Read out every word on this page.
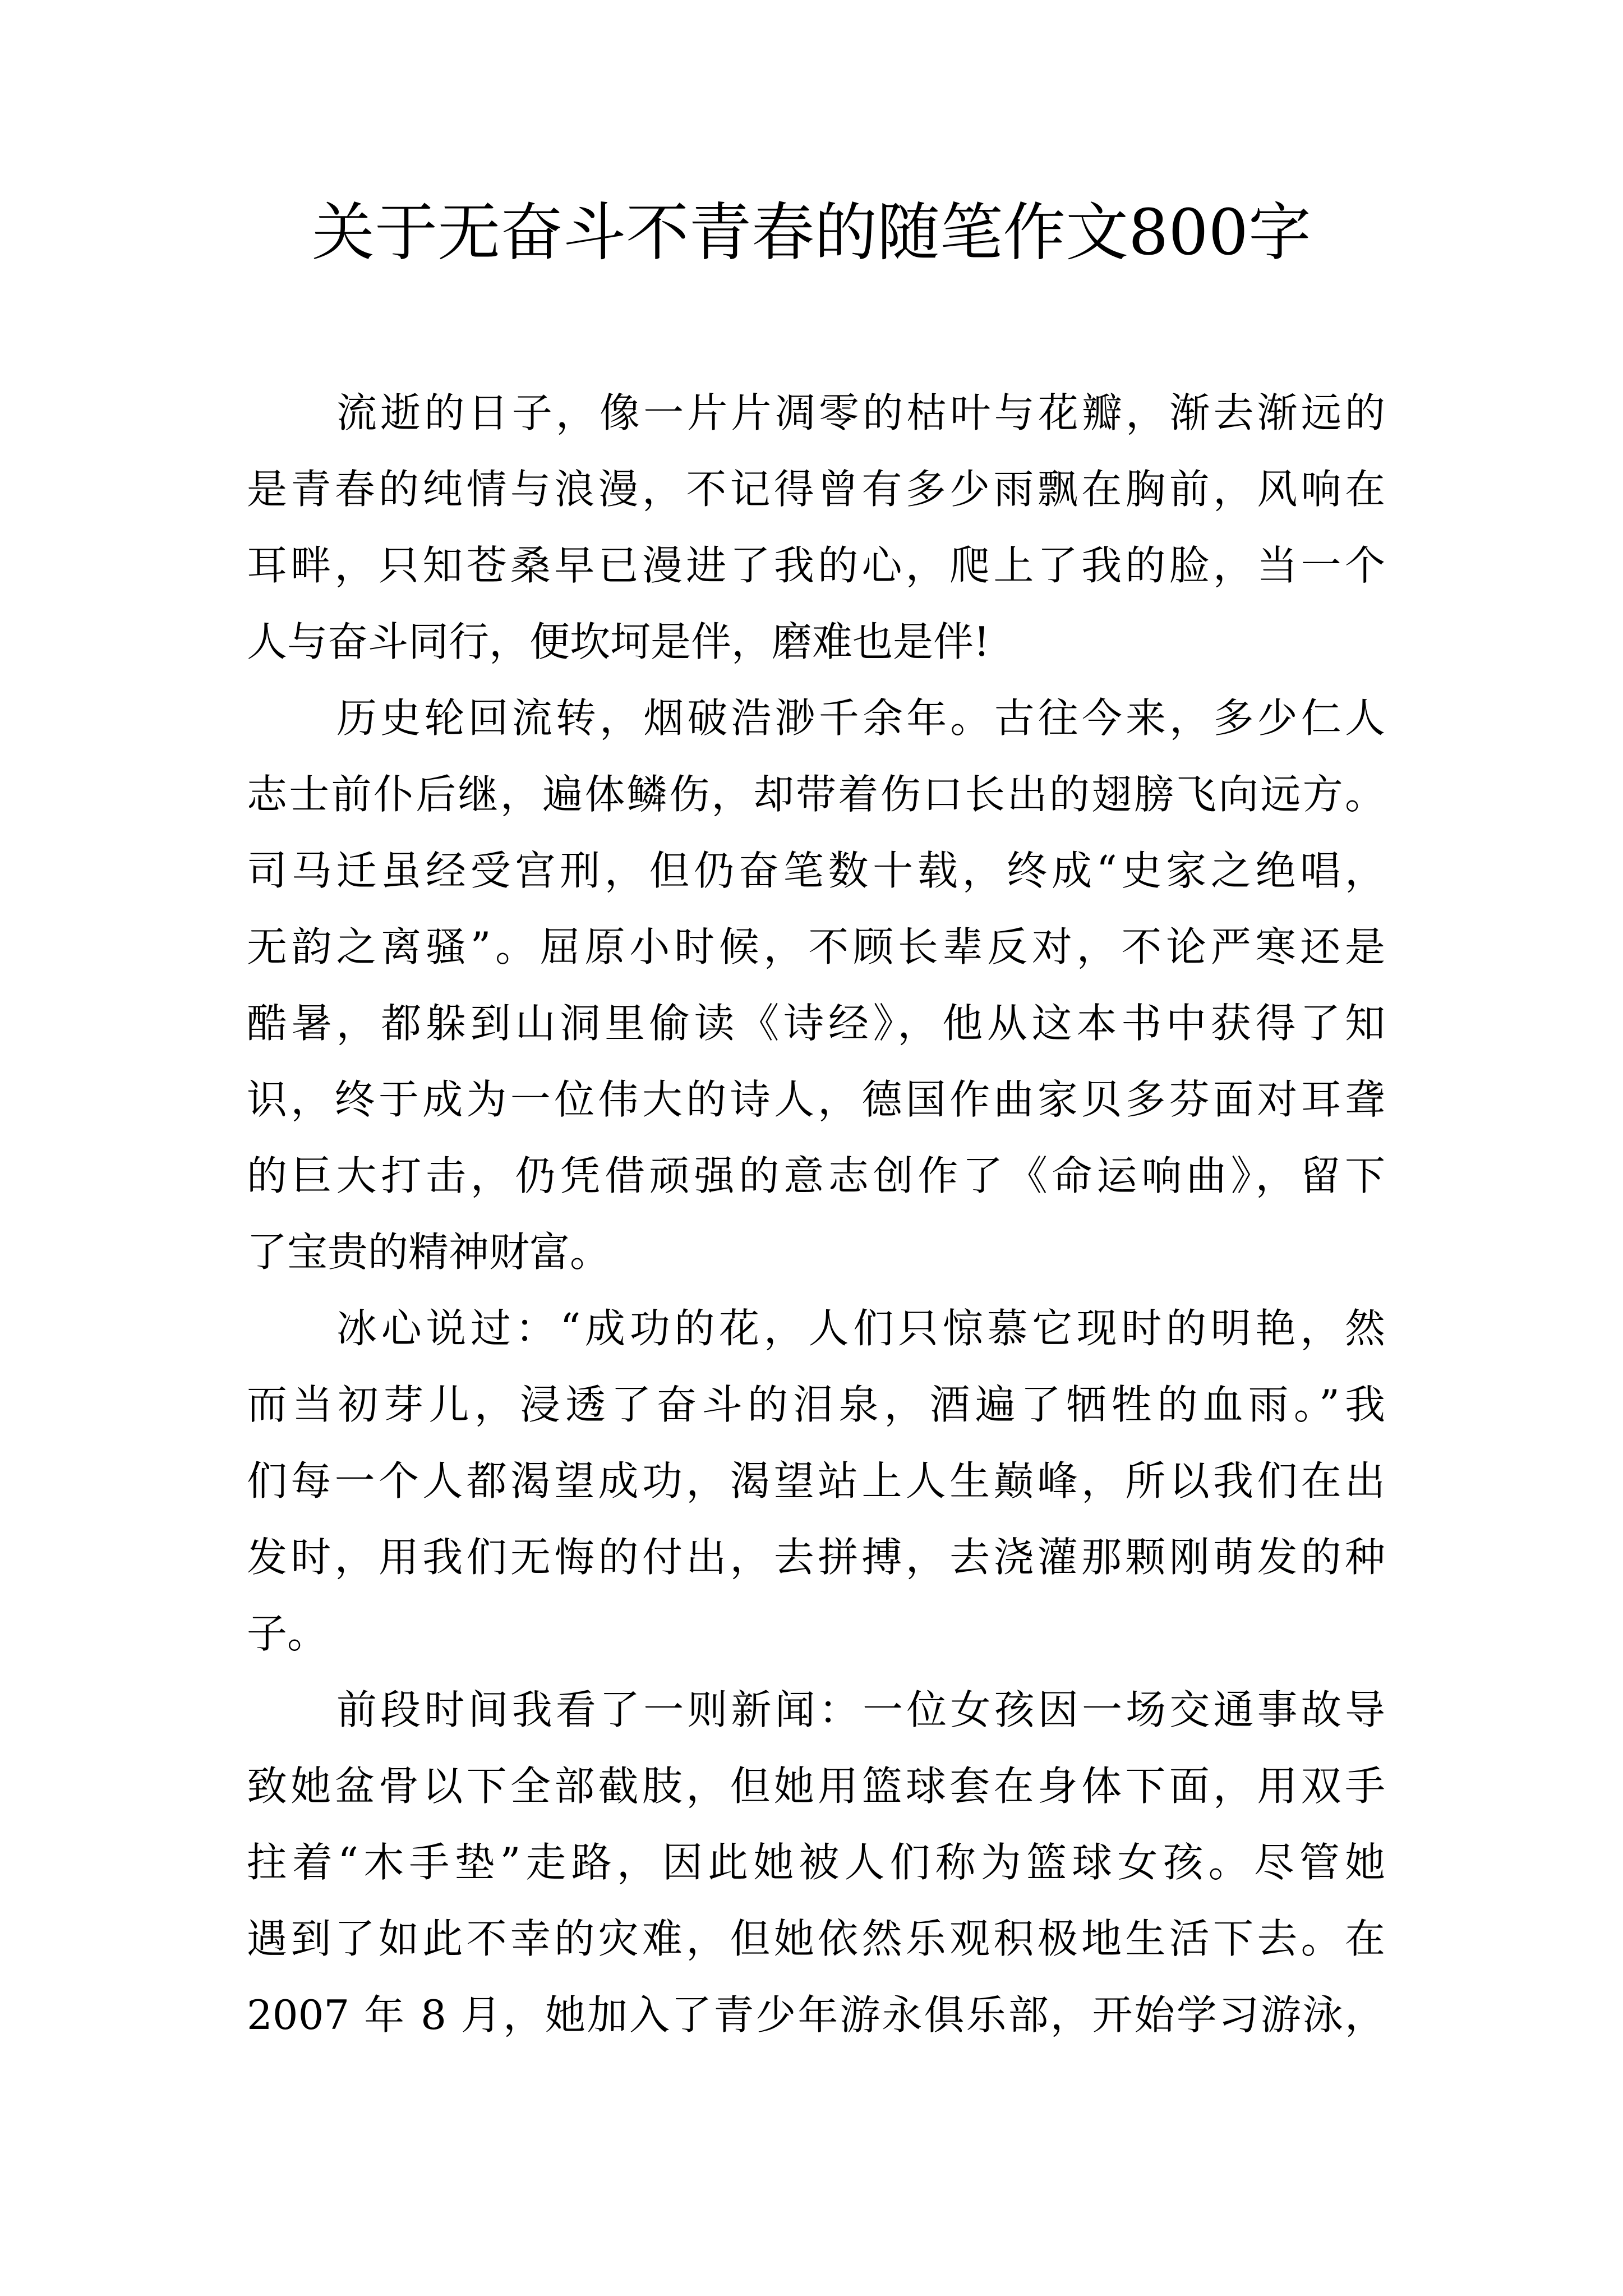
关于无奋斗不青春的随笔作文800字
流逝的日子，像一片片凋零的枯叶与花瓣，渐去渐远的
是青春的纯情与浪漫，不记得曾有多少雨飘在胸前，风响在
耳畔，只知苍桑早已漫进了我的心，爬上了我的脸，当一个
人与奋斗同行，便坎坷是伴，磨难也是伴!
历史轮回流转，烟破浩渺千余年。古往今来，多少仁人
志士前仆后继，遍体鳞伤，却带着伤口长出的翅膀飞向远方。
司马迁虽经受宫刑，但仍奋笔数十载，终成“史家之绝唱，
无韵之离骚”。屈原小时候，不顾长辈反对，不论严寒还是
酷暑，都躲到山洞里偷读《诗经》，他从这本书中获得了知
识，终于成为一位伟大的诗人，德国作曲家贝多芬面对耳聋
的巨大打击，仍凭借顽强的意志创作了《命运响曲》，留下
了宝贵的精神财富。
冰心说过：“成功的花，人们只惊慕它现时的明艳，然
而当初芽儿，浸透了奋斗的泪泉，酒遍了牺牲的血雨。”我
们每一个人都渴望成功，渴望站上人生巅峰，所以我们在出
发时，用我们无悔的付出，去拼搏，去浇灌那颗刚萌发的种
子。
前段时间我看了一则新闻：一位女孩因一场交通事故导
致她盆骨以下全部截肢，但她用篮球套在身体下面，用双手
拄着“木手垫”走路，因此她被人们称为篮球女孩。尽管她
遇到了如此不幸的灾难，但她依然乐观积极地生活下去。在
2007 年 8 月，她加入了青少年游永俱乐部，开始学习游泳，
